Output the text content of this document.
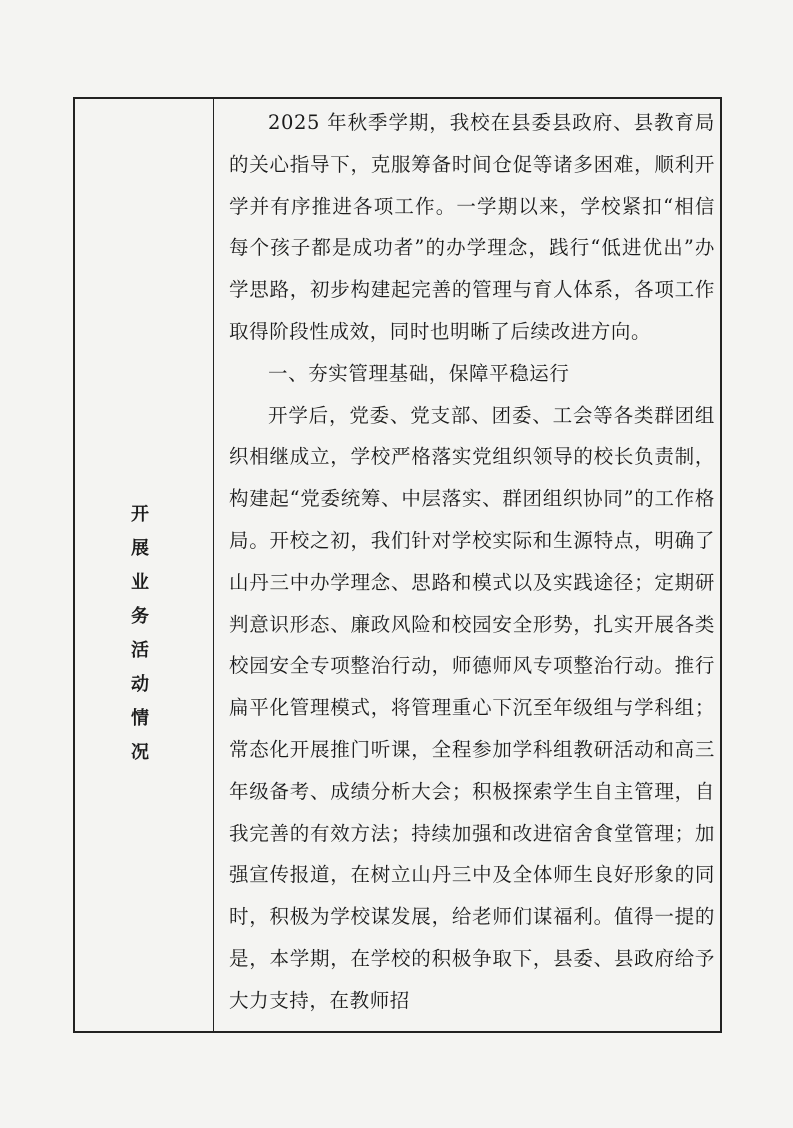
开展业务活动情况

2025 年秋季学期，我校在县委县政府、县教育局的关心指导下，克服筹备时间仓促等诸多困难，顺利开学并有序推进各项工作。一学期以来，学校紧扣“相信每个孩子都是成功者”的办学理念，践行“低进优出”办学思路，初步构建起完善的管理与育人体系，各项工作取得阶段性成效，同时也明晰了后续改进方向。

一、夯实管理基础，保障平稳运行

开学后，党委、党支部、团委、工会等各类群团组织相继成立，学校严格落实党组织领导的校长负责制，构建起“党委统筹、中层落实、群团组织协同”的工作格局。开校之初，我们针对学校实际和生源特点，明确了山丹三中办学理念、思路和模式以及实践途径；定期研判意识形态、廉政风险和校园安全形势，扎实开展各类校园安全专项整治行动，师德师风专项整治行动。推行扁平化管理模式，将管理重心下沉至年级组与学科组；常态化开展推门听课，全程参加学科组教研活动和高三年级备考、成绩分析大会；积极探索学生自主管理，自我完善的有效方法；持续加强和改进宿舍食堂管理；加强宣传报道，在树立山丹三中及全体师生良好形象的同时，积极为学校谋发展，给老师们谋福利。值得一提的是，本学期，在学校的积极争取下，县委、县政府给予大力支持，在教师招
